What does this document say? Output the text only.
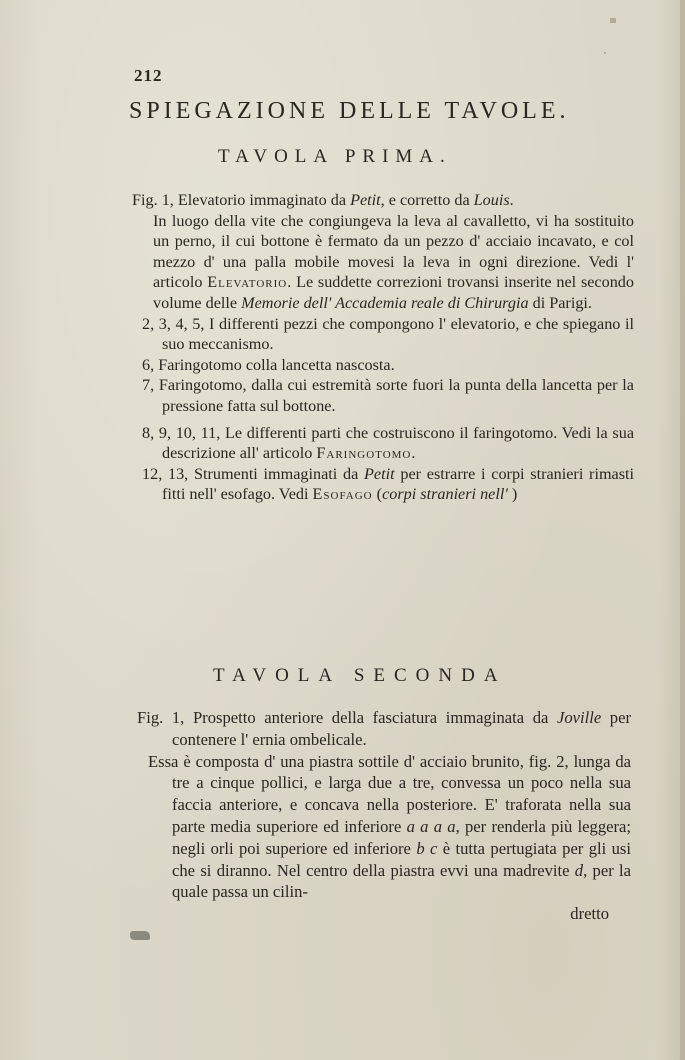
212
SPIEGAZIONE DELLE TAVOLE.
TAVOLA PRIMA.
Fig. 1, Elevatorio immaginato da Petit, e corretto da Louis.
In luogo della vite che congiungeva la leva al cavalletto, vi ha sostituito un perno, il cui bottone è fermato da un pezzo d' acciaio incavato, e col mezzo d' una palla mobile movesi la leva in ogni direzione. Vedi l' articolo Elevatorio. Le suddette correzioni trovansi inserite nel secondo volume delle Memorie dell' Accademia reale di Chirurgia di Parigi.
2, 3, 4, 5, I differenti pezzi che compongono l' elevatorio, e che spiegano il suo meccanismo.
6, Faringotomo colla lancetta nascosta.
7, Faringotomo, dalla cui estremità sorte fuori la punta della lancetta per la pressione fatta sul bottone.
8, 9, 10, 11, Le differenti parti che costruiscono il faringotomo. Vedi la sua descrizione all' articolo Faringotomo.
12, 13, Strumenti immaginati da Petit per estrarre i corpi stranieri rimasti fitti nell' esofago. Vedi Esofago (corpi stranieri nell' )
TAVOLA SECONDA
Fig. 1, Prospetto anteriore della fasciatura immaginata da Joville per contenere l' ernia ombelicale.
Essa è composta d' una piastra sottile d' acciaio brunito, fig. 2, lunga da tre a cinque pollici, e larga due a tre, convessa un poco nella sua faccia anteriore, e concava nella posteriore. E' traforata nella sua parte media superiore ed inferiore a a a a, per renderla più leggera; negli orli poi superiore ed inferiore b c è tutta pertugiata per gli usi che si diranno. Nel centro della piastra evvi una madrevite d, per la quale passa un cilin-
dretto
